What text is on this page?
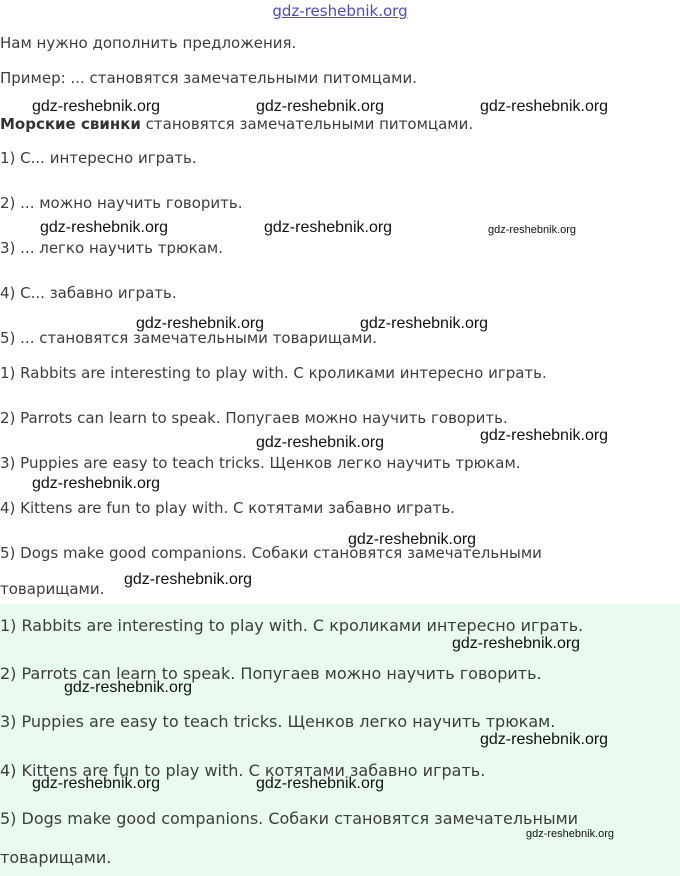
gdz-reshebnik.org
Нам нужно дополнить предложения.
Пример: ... становятся замечательными питомцами.
Морские свинки становятся замечательными питомцами.
1) С... интересно играть.
2) ... можно научить говорить.
3) ... легко научить трюкам.
4) С... забавно играть.
5) ... становятся замечательными товарищами.
1) Rabbits are interesting to play with. С кроликами интересно играть.
2) Parrots can learn to speak. Попугаев можно научить говорить.
3) Puppies are easy to teach tricks. Щенков легко научить трюкам.
4) Kittens are fun to play with. С котятами забавно играть.
5) Dogs make good companions. Собаки становятся замечательными
товарищами.
1) Rabbits are interesting to play with. С кроликами интересно играть.
2) Parrots can learn to speak. Попугаев можно научить говорить.
3) Puppies are easy to teach tricks. Щенков легко научить трюкам.
4) Kittens are fun to play with. С котятами забавно играть.
5) Dogs make good companions. Собаки становятся замечательными
товарищами.
gdz-reshebnik.org	gdz-reshebnik.org	gdz-reshebnik.org
gdz-reshebnik.org	gdz-reshebnik.org	gdz-reshebnik.org
gdz-reshebnik.org	gdz-reshebnik.org
gdz-reshebnik.org	gdz-reshebnik.org
gdz-reshebnik.org
gdz-reshebnik.org
gdz-reshebnik.org
gdz-reshebnik.org
gdz-reshebnik.org
gdz-reshebnik.org
gdz-reshebnik.org	gdz-reshebnik.org
gdz-reshebnik.org
